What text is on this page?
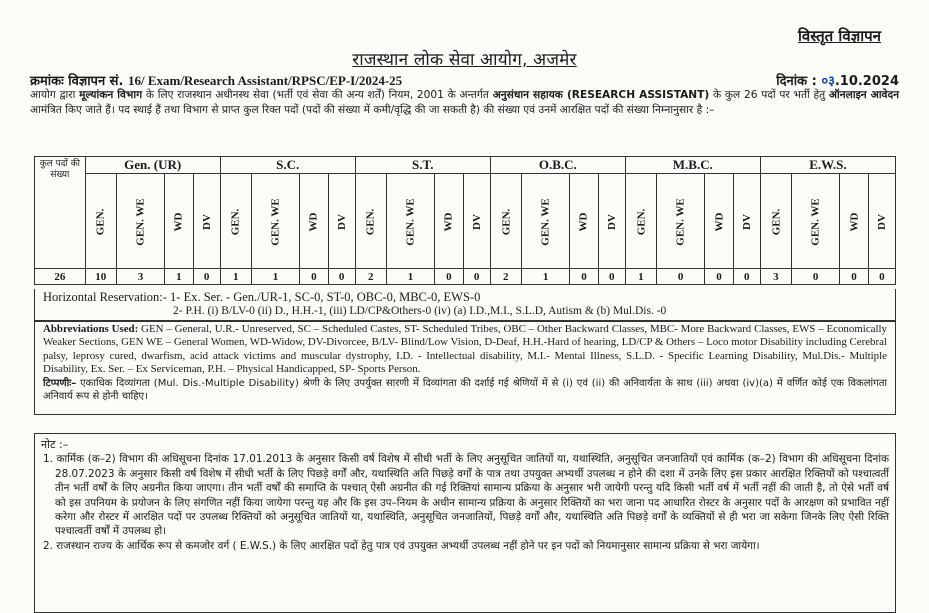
विस्तृत विज्ञापन
राजस्थान लोक सेवा आयोग, अजमेर
क्रमांकः विज्ञापन सं. 16/ Exam/Research Assistant/RPSC/EP-I/2024-25	दिनांक : ०३.10.2024
आयोग द्वारा मूल्यांकन विभाग के लिए राजस्थान अधीनस्थ सेवा (भर्ती एवं सेवा की अन्य शर्तें) नियम, 2001 के अन्तर्गत अनुसंधान सहायक (RESEARCH ASSISTANT) के कुल 26 पदों पर भर्ती हेतु ऑनलाइन आवेदन आमंत्रित किए जाते हैं। पद स्थाई हैं तथा विभाग से प्राप्त कुल रिक्त पदों (पदों की संख्या में कमी/वृद्धि की जा सकती है) की संख्या एवं उनमें आरक्षित पदों की संख्या निम्नानुसार है :–
कुल पदों की संख्या	Gen. (UR)				S.C.				S.T.				O.B.C.				M.B.C.				E.W.S.			
	GEN.	GEN. WE	WD	DV	GEN.	GEN. WE	WD	DV	GEN.	GEN. WE	WD	DV	GEN.	GEN. WE	WD	DV	GEN.	GEN. WE	WD	DV	GEN.	GEN. WE	WD	DV
26	10	3	1	0	1	1	0	0	2	1	0	0	2	1	0	0	1	0	0	0	3	0	0	0
Horizontal Reservation:- 1- Ex. Ser. - Gen./UR-1, SC-0, ST-0, OBC-0, MBC-0, EWS-0
2- P.H. (i) B/LV-0 (ii) D., H.H.-1, (iii) LD/CP&Others-0 (iv) (a) I.D.,M.I., S.L.D, Autism & (b) Mul.Dis. -0
Abbreviations Used: GEN – General, U.R.- Unreserved, SC – Scheduled Castes, ST- Scheduled Tribes, OBC – Other Backward Classes, MBC- More Backward Classes, EWS – Economically Weaker Sections, GEN WE – General Women, WD-Widow, DV-Divorcee, B/LV- Blind/Low Vision, D-Deaf, H.H.-Hard of hearing, LD/CP & Others – Loco motor Disability including Cerebral palsy, leprosy cured, dwarfism, acid attack victims and muscular dystrophy, I.D. - Intellectual disability, M.I.- Mental Illness, S.L.D. - Specific Learning Disability, Mul.Dis.- Multiple Disability, Ex. Ser. – Ex Serviceman, P.H. – Physical Handicapped, SP- Sports Person.
टिप्पणीः– एकाधिक दिव्यांगता (Mul. Dis.-Multiple Disability) श्रेणी के लिए उपर्युक्त सारणी में दिव्यांगता की दर्शाई गई श्रेणियों में से (i) एवं (ii) की अनिवार्यता के साथ (iii) अथवा (iv)(a) में वर्णित कोई एक विकलांगता अनिवार्य रूप से होनी चाहिए।
नोट :–
1. कार्मिक (क–2) विभाग की अधिसूचना दिनांक 17.01.2013 के अनुसार किसी वर्ष विशेष में सीधी भर्ती के लिए अनुसूचित जातियों या, यथास्थिति, अनुसूचित जनजातियों एवं कार्मिक (क–2) विभाग की अधिसूचना दिनांक 28.07.2023 के अनुसार किसी वर्ष विशेष में सीधी भर्ती के लिए पिछड़े वर्गों और, यथास्थिति अति पिछड़े वर्गों के पात्र तथा उपयुक्त अभ्यर्थी उपलब्ध न होने की दशा में उनके लिए इस प्रकार आरक्षित रिक्तियों को पश्चात्वर्ती तीन भर्ती वर्षों के लिए अग्रनीत किया जाएगा। तीन भर्ती वर्षों की समाप्ति के पश्चात् ऐसी अग्रनीत की गई रिक्तियां सामान्य प्रक्रिया के अनुसार भरी जायेगी परन्तु यदि किसी भर्ती वर्ष में भर्ती नहीं की जाती है, तो ऐसे भर्ती वर्ष को इस उपनियम के प्रयोजन के लिए संगणित नहीं किया जायेगा परन्तु यह और कि इस उप–नियम के अधीन सामान्य प्रक्रिया के अनुसार रिक्तियों का भरा जाना पद आधारित रोस्टर के अनुसार पदों के आरक्षण को प्रभावित नहीं करेगा और रोस्टर में आरक्षित पदों पर उपलब्ध रिक्तियों को अनुसूचित जातियों या, यथास्थिति, अनुसूचित जनजातियों, पिछड़े वर्गों और, यथास्थिति अति पिछड़े वर्गों के व्यक्तियों से ही भरा जा सकेगा जिनके लिए ऐसी रिक्ति पश्चात्वर्ती वर्षों में उपलब्ध हो।
2. राजस्थान राज्य के आर्थिक रूप से कमजोर वर्ग ( E.W.S.) के लिए आरक्षित पदों हेतु पात्र एवं उपयुक्त अभ्यर्थी उपलब्ध नहीं होने पर इन पदों को नियमानुसार सामान्य प्रक्रिया से भरा जायेगा।
